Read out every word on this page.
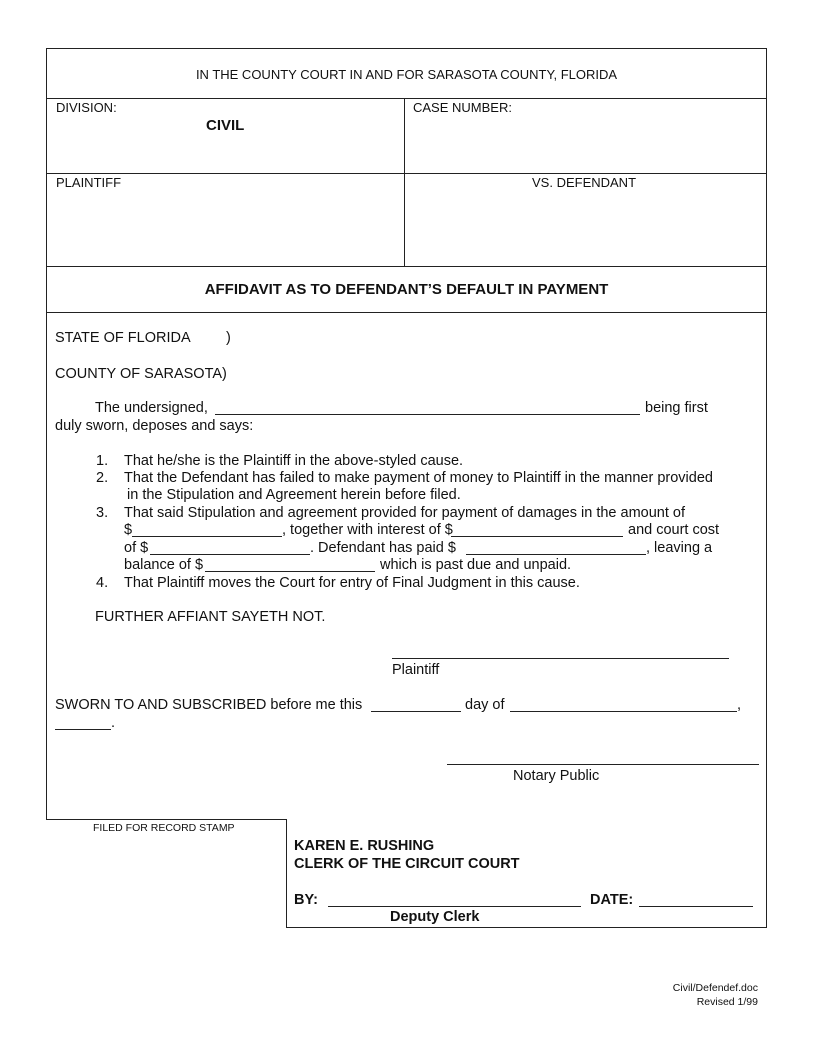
IN THE COUNTY COURT IN AND FOR SARASOTA COUNTY, FLORIDA
DIVISION:
CIVIL
CASE NUMBER:
PLAINTIFF	VS. DEFENDANT
AFFIDAVIT AS TO DEFENDANT’S DEFAULT IN PAYMENT
STATE OF FLORIDA )
COUNTY OF SARASOTA)
The undersigned,	being first
duly sworn, deposes and says:
1. That he/she is the Plaintiff in the above-styled cause.
2. That the Defendant has failed to make payment of money to Plaintiff in the manner provided
in the Stipulation and Agreement herein before filed.
3. That said Stipulation and agreement provided for payment of damages in the amount of
$	, together with interest of $	and court cost
of $	. Defendant has paid $	, leaving a
balance of $	which is past due and unpaid.
4. That Plaintiff moves the Court for entry of Final Judgment in this cause.
FURTHER AFFIANT SAYETH NOT.
Plaintiff
SWORN TO AND SUBSCRIBED before me this	day of	,
.
Notary Public
FILED FOR RECORD STAMP
KAREN E. RUSHING
CLERK OF THE CIRCUIT COURT
BY:	DATE:
Deputy Clerk
Civil/Defendef.doc
Revised 1/99
